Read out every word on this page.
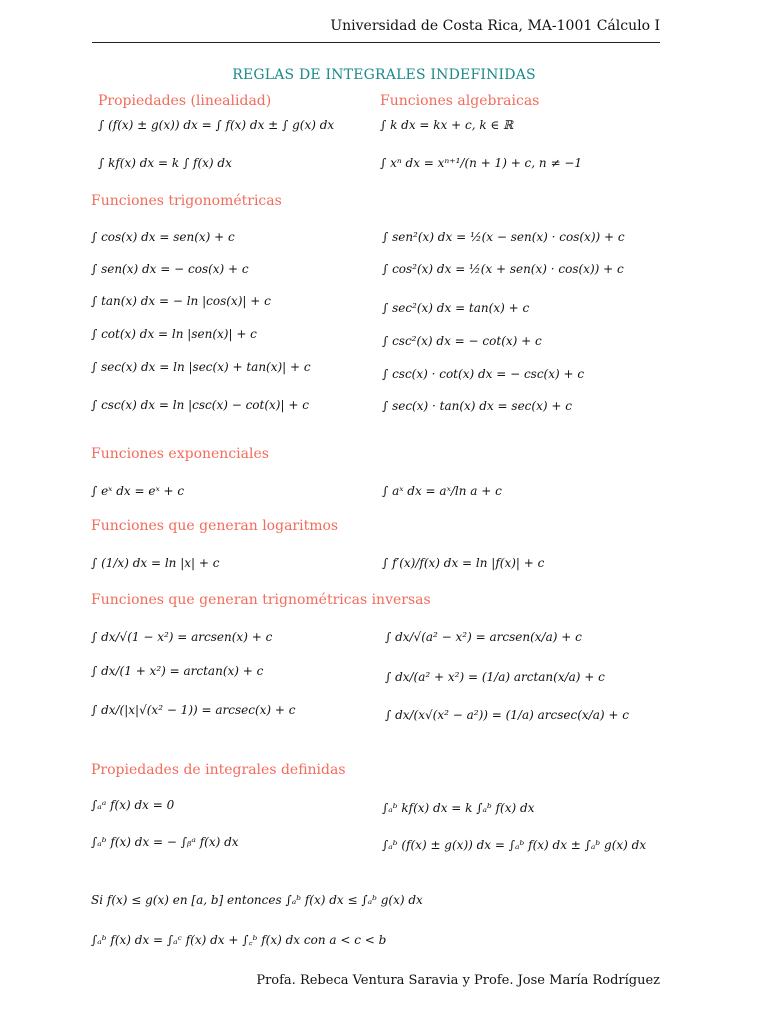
Universidad de Costa Rica, MA-1001 Cálculo I
REGLAS DE INTEGRALES INDEFINIDAS
Propiedades (linealidad)	Funciones algebraicas
∫ (f(x) ± g(x)) dx = ∫ f(x) dx ± ∫ g(x) dx
∫ kf(x) dx = k ∫ f(x) dx
∫ k dx = kx + c, k ∈ ℝ
∫ xⁿ dx = xⁿ⁺¹/(n + 1) + c, n ≠ −1
Funciones trigonométricas
∫ cos(x) dx = sen(x) + c
∫ sen(x) dx = − cos(x) + c
∫ tan(x) dx = − ln |cos(x)| + c
∫ cot(x) dx = ln |sen(x)| + c
∫ sec(x) dx = ln |sec(x) + tan(x)| + c
∫ csc(x) dx = ln |csc(x) − cot(x)| + c
∫ sen²(x) dx = ½(x − sen(x) · cos(x)) + c
∫ cos²(x) dx = ½(x + sen(x) · cos(x)) + c
∫ sec²(x) dx = tan(x) + c
∫ csc²(x) dx = − cot(x) + c
∫ csc(x) · cot(x) dx = − csc(x) + c
∫ sec(x) · tan(x) dx = sec(x) + c
Funciones exponenciales
∫ eˣ dx = eˣ + c	∫ aˣ dx = aˣ/ln a + c
Funciones que generan logaritmos
∫ (1/x) dx = ln |x| + c	∫ f′(x)/f(x) dx = ln |f(x)| + c
Funciones que generan trignométricas inversas
∫ dx/√(1 − x²) = arcsen(x) + c
∫ dx/(1 + x²) = arctan(x) + c
∫ dx/(|x|√(x² − 1)) = arcsec(x) + c
∫ dx/√(a² − x²) = arcsen(x/a) + c
∫ dx/(a² + x²) = (1/a) arctan(x/a) + c
∫ dx/(x√(x² − a²)) = (1/a) arcsec(x/a) + c
Propiedades de integrales definidas
∫ₐᵃ f(x) dx = 0
∫ₐᵇ f(x) dx = − ∫ᵦᵃ f(x) dx
∫ₐᵇ kf(x) dx = k ∫ₐᵇ f(x) dx
∫ₐᵇ (f(x) ± g(x)) dx = ∫ₐᵇ f(x) dx ± ∫ₐᵇ g(x) dx
Si f(x) ≤ g(x) en [a, b] entonces ∫ₐᵇ f(x) dx ≤ ∫ₐᵇ g(x) dx
∫ₐᵇ f(x) dx = ∫ₐᶜ f(x) dx + ∫꜀ᵇ f(x) dx con a < c < b
Profa. Rebeca Ventura Saravia y Profe. Jose María Rodríguez
